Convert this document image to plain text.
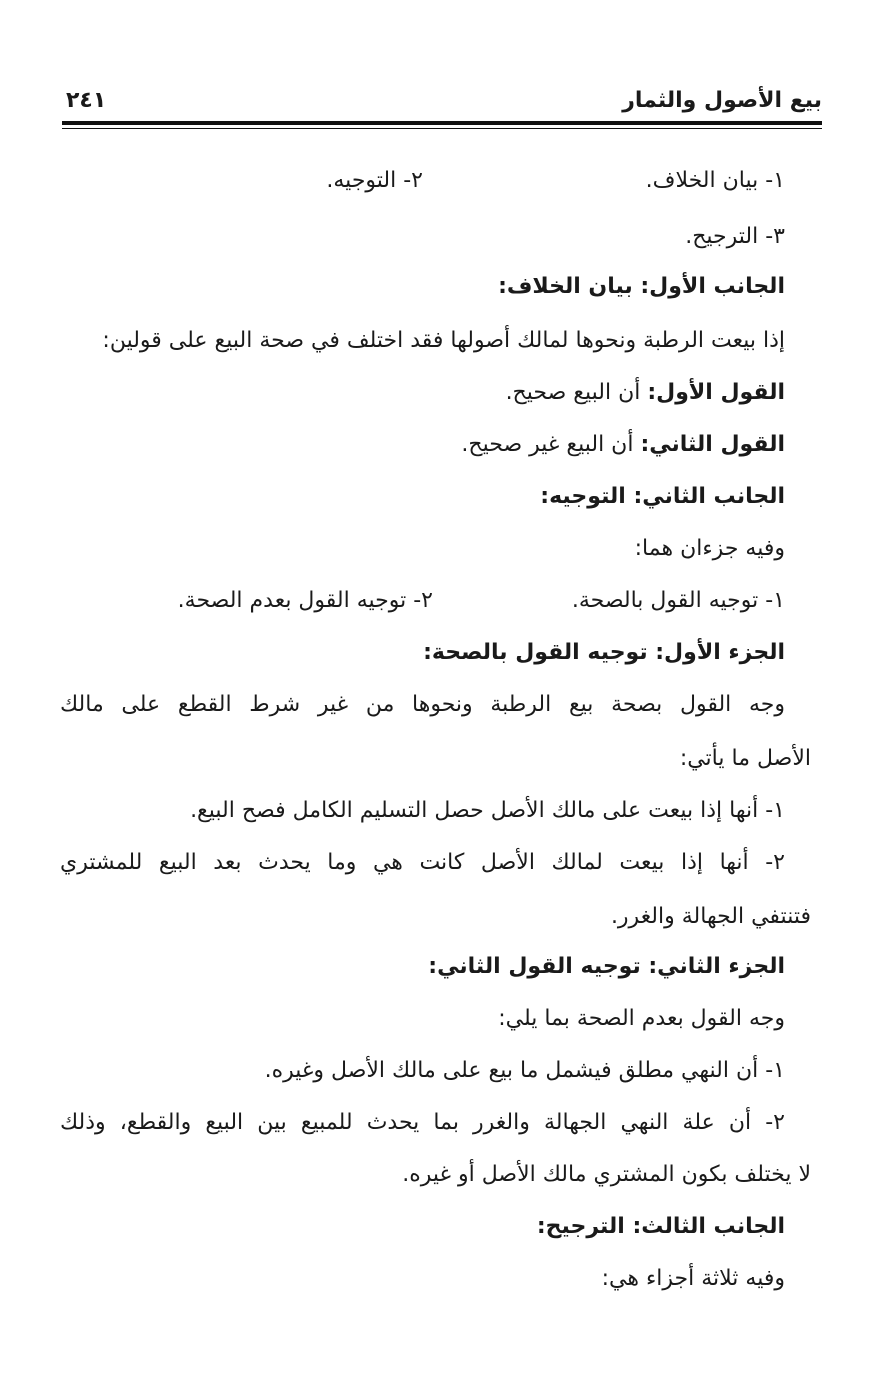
بيع الأصول والثمار
٢٤١
١- بيان الخلاف.
٢- التوجيه.
٣- الترجيح.
الجانب الأول: بيان الخلاف:
إذا بيعت الرطبة ونحوها لمالك أصولها فقد اختلف في صحة البيع على قولين:
القول الأول: أن البيع صحيح.
القول الثاني: أن البيع غير صحيح.
الجانب الثاني: التوجيه:
وفيه جزءان هما:
١- توجيه القول بالصحة.
٢- توجيه القول بعدم الصحة.
الجزء الأول: توجيه القول بالصحة:
وجه القول بصحة بيع الرطبة ونحوها من غير شرط القطع على مالك
الأصل ما يأتي:
١- أنها إذا بيعت على مالك الأصل حصل التسليم الكامل فصح البيع.
٢- أنها إذا بيعت لمالك الأصل كانت هي وما يحدث بعد البيع للمشتري
فتنتفي الجهالة والغرر.
الجزء الثاني: توجيه القول الثاني:
وجه القول بعدم الصحة بما يلي:
١- أن النهي مطلق فيشمل ما بيع على مالك الأصل وغيره.
٢- أن علة النهي الجهالة والغرر بما يحدث للمبيع بين البيع والقطع، وذلك
لا يختلف بكون المشتري مالك الأصل أو غيره.
الجانب الثالث: الترجيح:
وفيه ثلاثة أجزاء هي:
